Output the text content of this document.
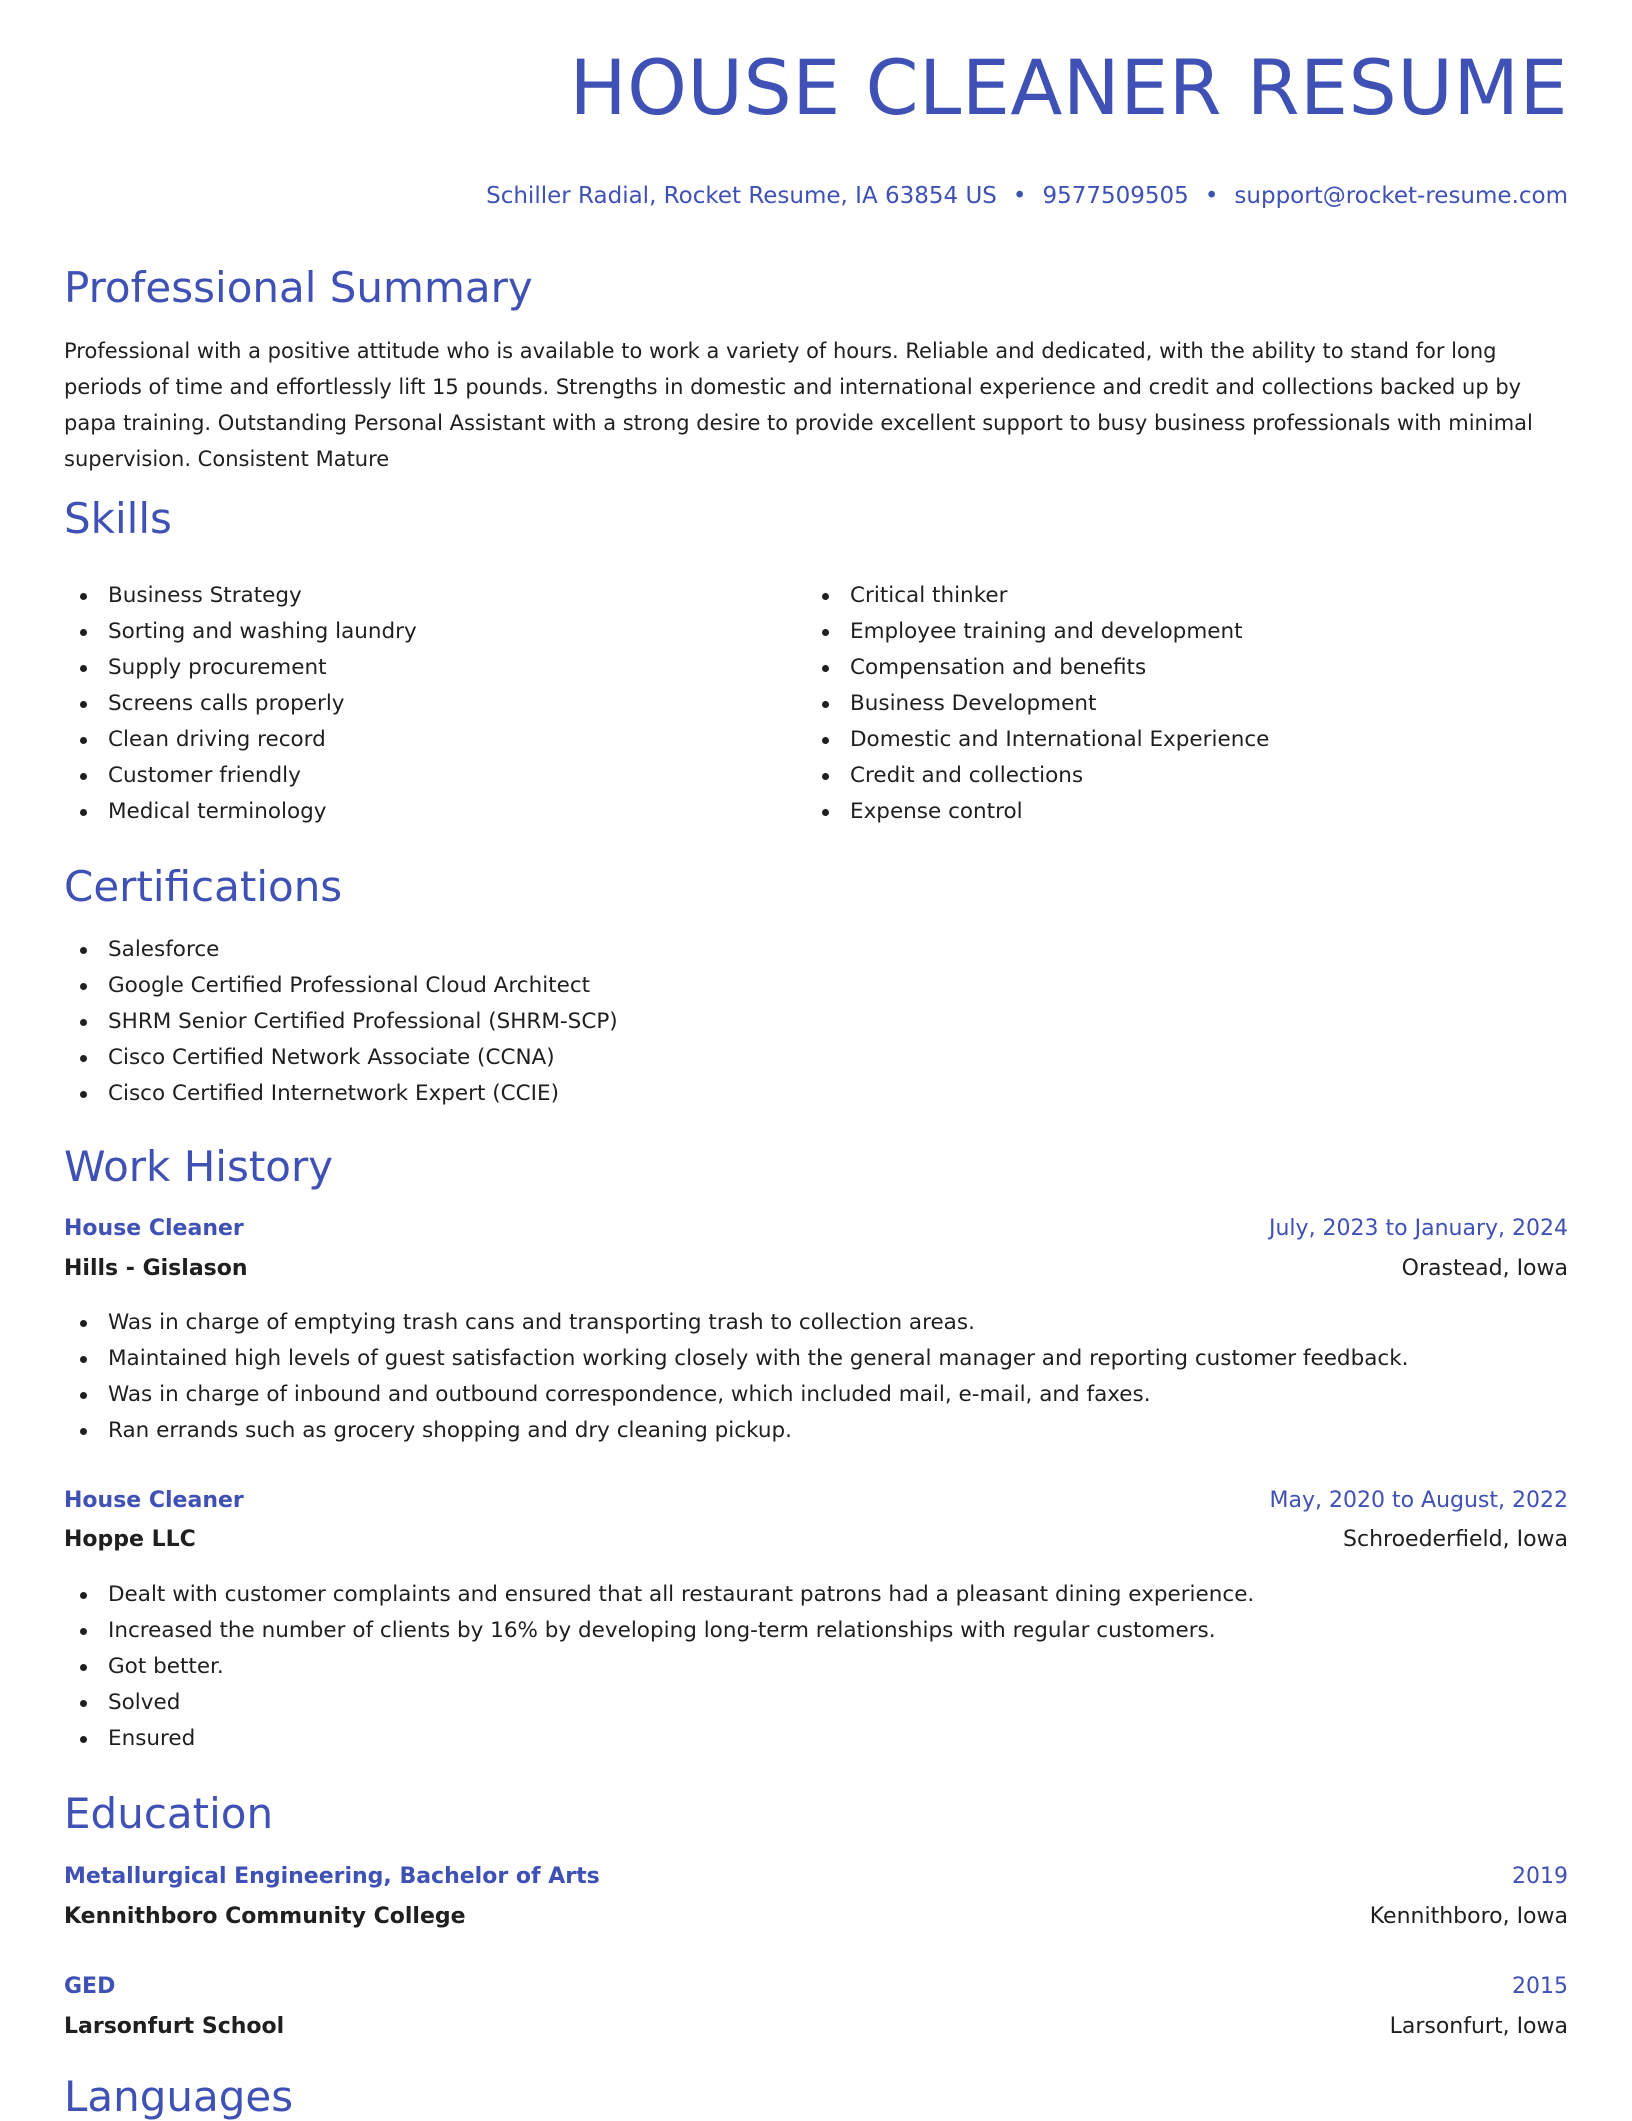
HOUSE CLEANER RESUME
Schiller Radial, Rocket Resume, IA 63854 US • 9577509505 • support@rocket-resume.com
Professional Summary

Professional with a positive attitude who is available to work a variety of hours. Reliable and dedicated, with the ability to stand for long periods of time and effortlessly lift 15 pounds. Strengths in domestic and international experience and credit and collections backed up by papa training. Outstanding Personal Assistant with a strong desire to provide excellent support to busy business professionals with minimal supervision. Consistent Mature

Skills
Business Strategy
Sorting and washing laundry
Supply procurement
Screens calls properly
Clean driving record
Customer friendly
Medical terminology
Critical thinker
Employee training and development
Compensation and benefits
Business Development
Domestic and International Experience
Credit and collections
Expense control
Certifications
Salesforce
Google Certified Professional Cloud Architect
SHRM Senior Certified Professional (SHRM-SCP)
Cisco Certified Network Associate (CCNA)
Cisco Certified Internetwork Expert (CCIE)
Work History
House Cleaner	July, 2023 to January, 2024
Hills - Gislason	Orastead, Iowa
Was in charge of emptying trash cans and transporting trash to collection areas.
Maintained high levels of guest satisfaction working closely with the general manager and reporting customer feedback.
Was in charge of inbound and outbound correspondence, which included mail, e-mail, and faxes.
Ran errands such as grocery shopping and dry cleaning pickup.
House Cleaner	May, 2020 to August, 2022
Hoppe LLC	Schroederfield, Iowa
Dealt with customer complaints and ensured that all restaurant patrons had a pleasant dining experience.
Increased the number of clients by 16% by developing long-term relationships with regular customers.
Got better.
Solved
Ensured
Education
Metallurgical Engineering, Bachelor of Arts	2019
Kennithboro Community College	Kennithboro, Iowa
GED	2015
Larsonfurt School	Larsonfurt, Iowa
Languages
